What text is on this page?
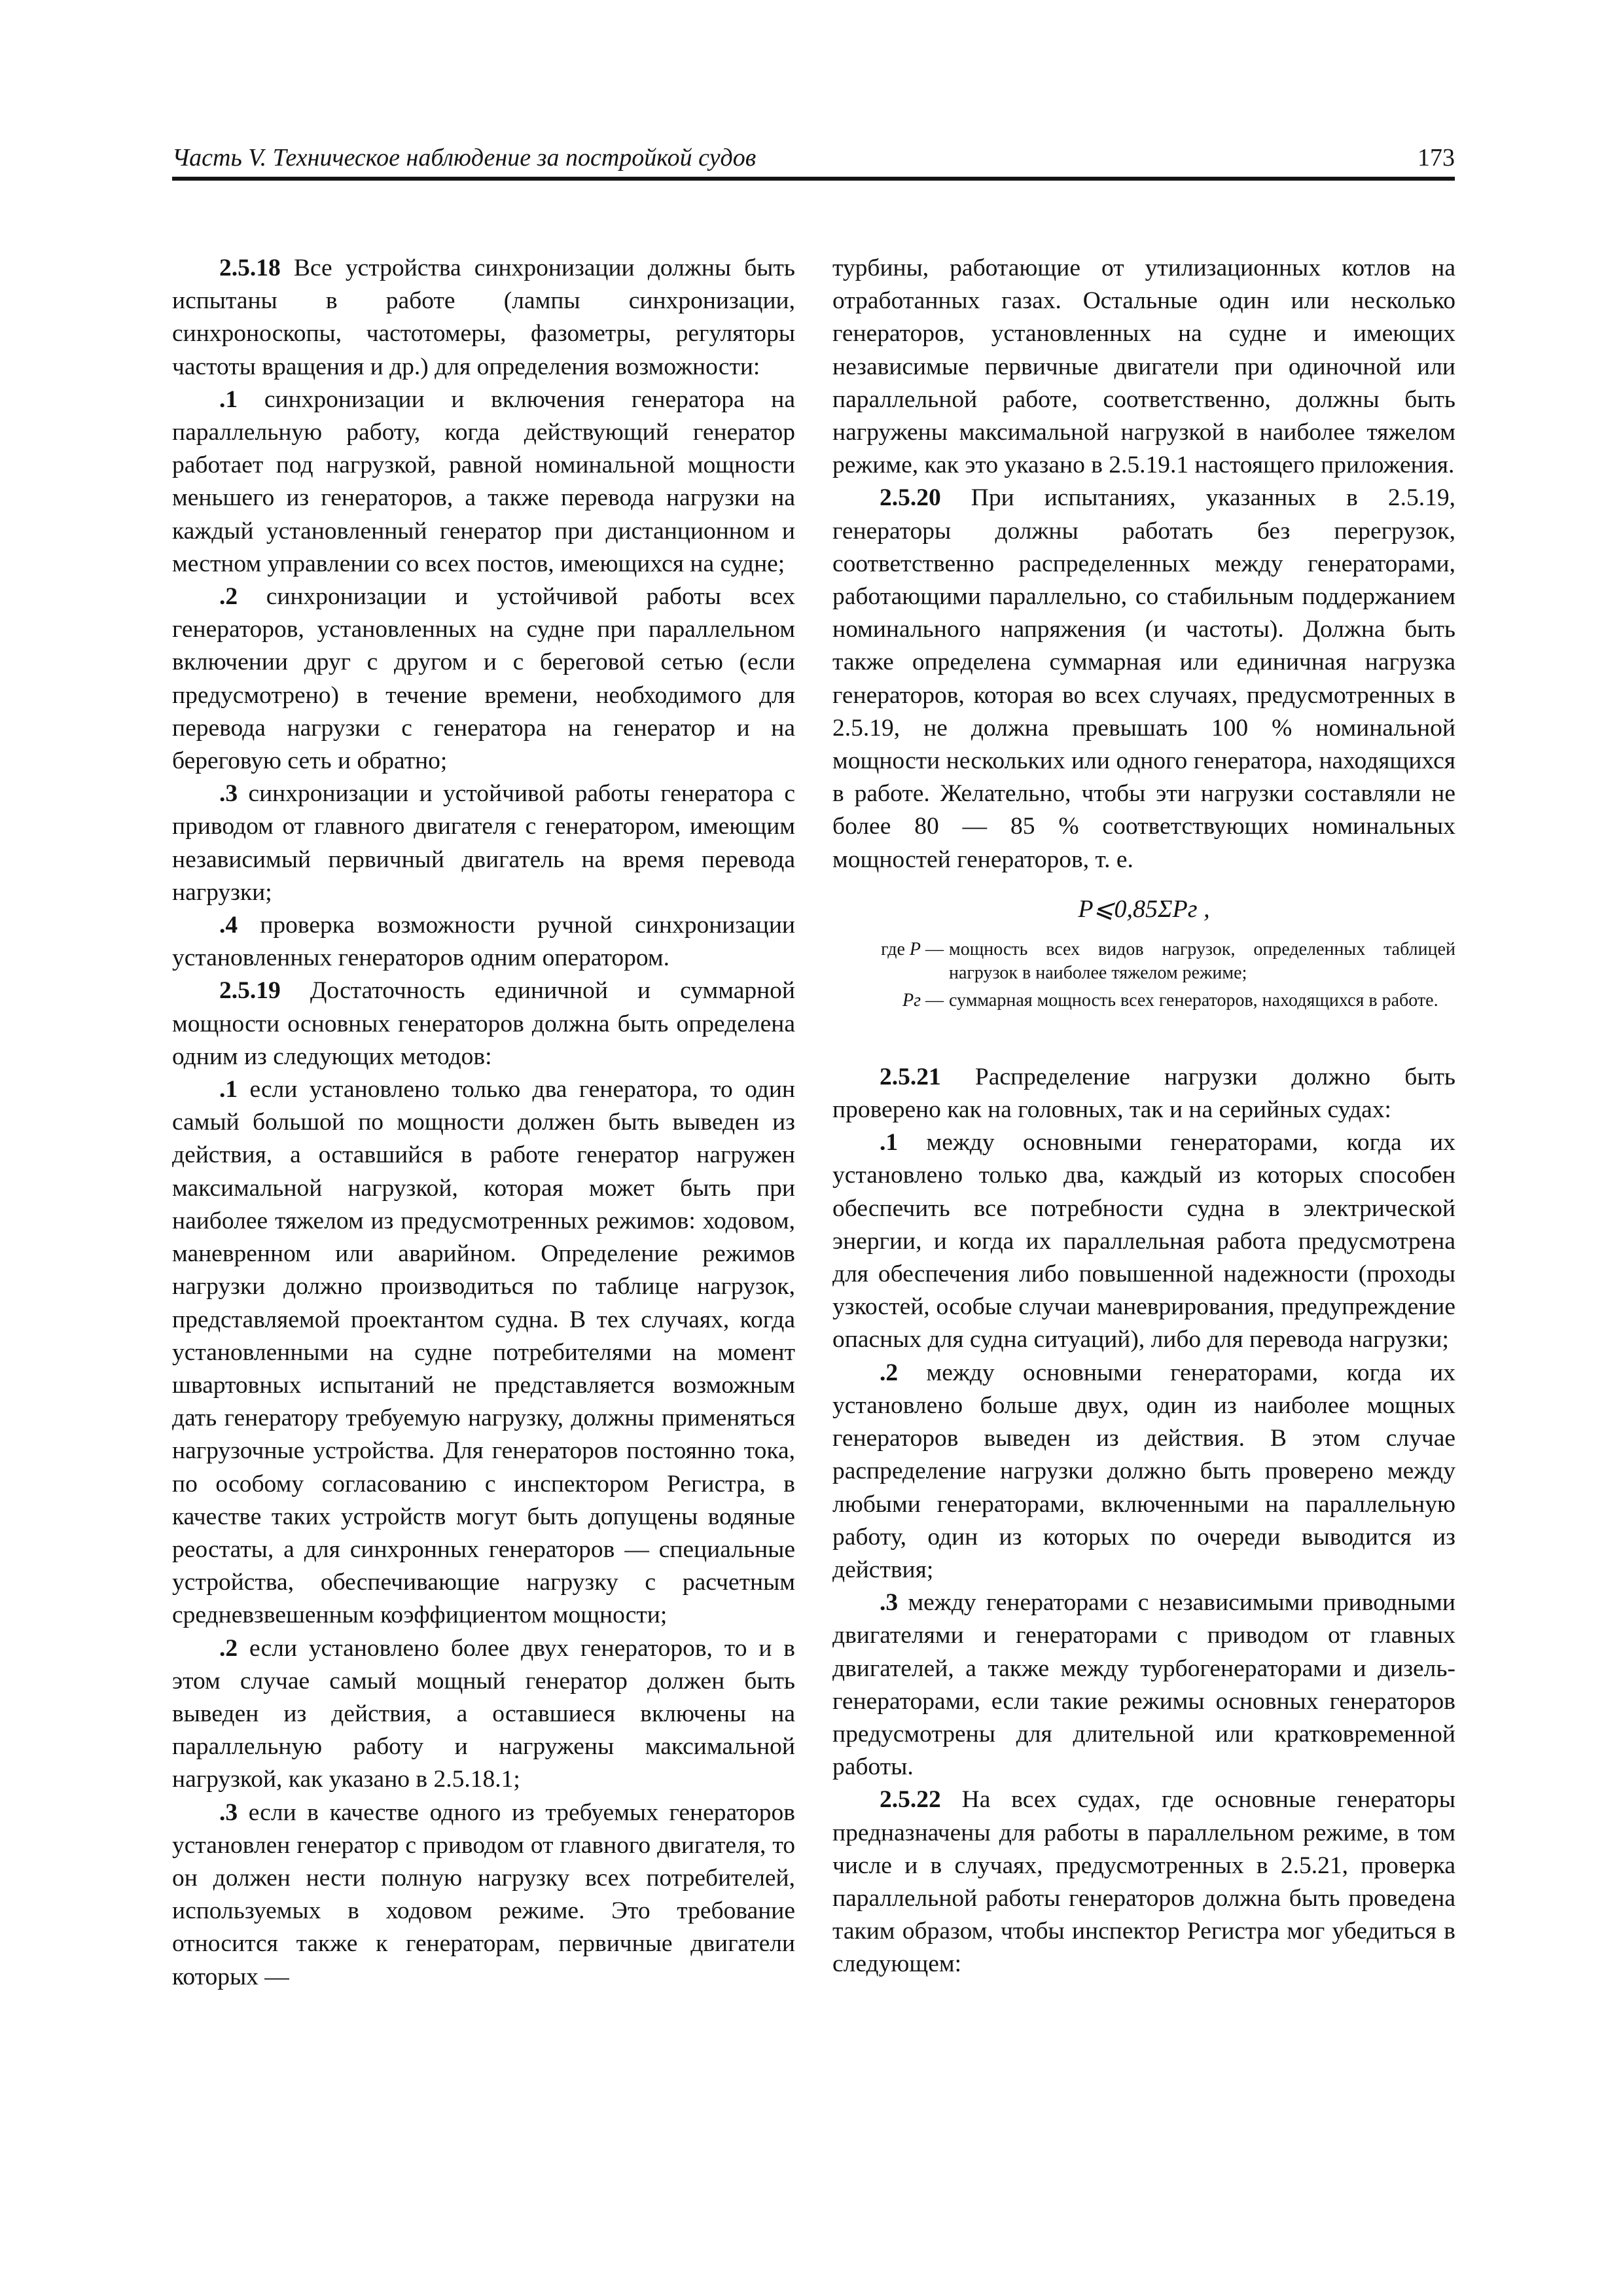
Часть V. Техническое наблюдение за постройкой судов	173

2.5.18 Все устройства синхронизации должны быть испытаны в работе (лампы синхронизации, синхроноскопы, частотомеры, фазометры, регуляторы частоты вращения и др.) для определения возможности:

.1 синхронизации и включения генератора на параллельную работу, когда действующий генератор работает под нагрузкой, равной номинальной мощности меньшего из генераторов, а также перевода нагрузки на каждый установленный генератор при дистанционном и местном управлении со всех постов, имеющихся на судне;

.2 синхронизации и устойчивой работы всех генераторов, установленных на судне при параллельном включении друг с другом и с береговой сетью (если предусмотрено) в течение времени, необходимого для перевода нагрузки с генератора на генератор и на береговую сеть и обратно;

.3 синхронизации и устойчивой работы генератора с приводом от главного двигателя с генератором, имеющим независимый первичный двигатель на время перевода нагрузки;

.4 проверка возможности ручной синхронизации установленных генераторов одним оператором.

2.5.19 Достаточность единичной и суммарной мощности основных генераторов должна быть определена одним из следующих методов:

.1 если установлено только два генератора, то один самый большой по мощности должен быть выведен из действия, а оставшийся в работе генератор нагружен максимальной нагрузкой, которая может быть при наиболее тяжелом из предусмотренных режимов: ходовом, маневренном или аварийном. Определение режимов нагрузки должно производиться по таблице нагрузок, представляемой проектантом судна. В тех случаях, когда установленными на судне потребителями на момент швартовных испытаний не представляется возможным дать генератору требуемую нагрузку, должны применяться нагрузочные устройства. Для генераторов постоянно тока, по особому согласованию с инспектором Регистра, в качестве таких устройств могут быть допущены водяные реостаты, а для синхронных генераторов — специальные устройства, обеспечивающие нагрузку с расчетным средневзвешенным коэффициентом мощности;

.2 если установлено более двух генераторов, то и в этом случае самый мощный генератор должен быть выведен из действия, а оставшиеся включены на параллельную работу и нагружены максимальной нагрузкой, как указано в 2.5.18.1;

.3 если в качестве одного из требуемых генераторов установлен генератор с приводом от главного двигателя, то он должен нести полную нагрузку всех потребителей, используемых в ходовом режиме. Это требование относится также к генераторам, первичные двигатели которых —

турбины, работающие от утилизационных котлов на отработанных газах. Остальные один или несколько генераторов, установленных на судне и имеющих независимые первичные двигатели при одиночной или параллельной работе, соответственно, должны быть нагружены максимальной нагрузкой в наиболее тяжелом режиме, как это указано в 2.5.19.1 настоящего приложения.

2.5.20 При испытаниях, указанных в 2.5.19, генераторы должны работать без перегрузок, соответственно распределенных между генераторами, работающими параллельно, со стабильным поддержанием номинального напряжения (и частоты). Должна быть также определена суммарная или единичная нагрузка генераторов, которая во всех случаях, предусмотренных в 2.5.19, не должна превышать 100 % номинальной мощности нескольких или одного генератора, находящихся в работе. Желательно, чтобы эти нагрузки составляли не более 80 — 85 % соответствующих номинальных мощностей генераторов, т. е.

P⩽0,85ΣPг ,
где P — мощность всех видов нагрузок, определенных таблицей нагрузок в наиболее тяжелом режиме;
Pг — суммарная мощность всех генераторов, находящихся в работе.

2.5.21 Распределение нагрузки должно быть проверено как на головных, так и на серийных судах:

.1 между основными генераторами, когда их установлено только два, каждый из которых способен обеспечить все потребности судна в электрической энергии, и когда их параллельная работа предусмотрена для обеспечения либо повышенной надежности (проходы узкостей, особые случаи маневрирования, предупреждение опасных для судна ситуаций), либо для перевода нагрузки;

.2 между основными генераторами, когда их установлено больше двух, один из наиболее мощных генераторов выведен из действия. В этом случае распределение нагрузки должно быть проверено между любыми генераторами, включенными на параллельную работу, один из которых по очереди выводится из действия;

.3 между генераторами с независимыми приводными двигателями и генераторами с приводом от главных двигателей, а также между турбогенераторами и дизель-генераторами, если такие режимы основных генераторов предусмотрены для длительной или кратковременной работы.

2.5.22 На всех судах, где основные генераторы предназначены для работы в параллельном режиме, в том числе и в случаях, предусмотренных в 2.5.21, проверка параллельной работы генераторов должна быть проведена таким образом, чтобы инспектор Регистра мог убедиться в следующем:
